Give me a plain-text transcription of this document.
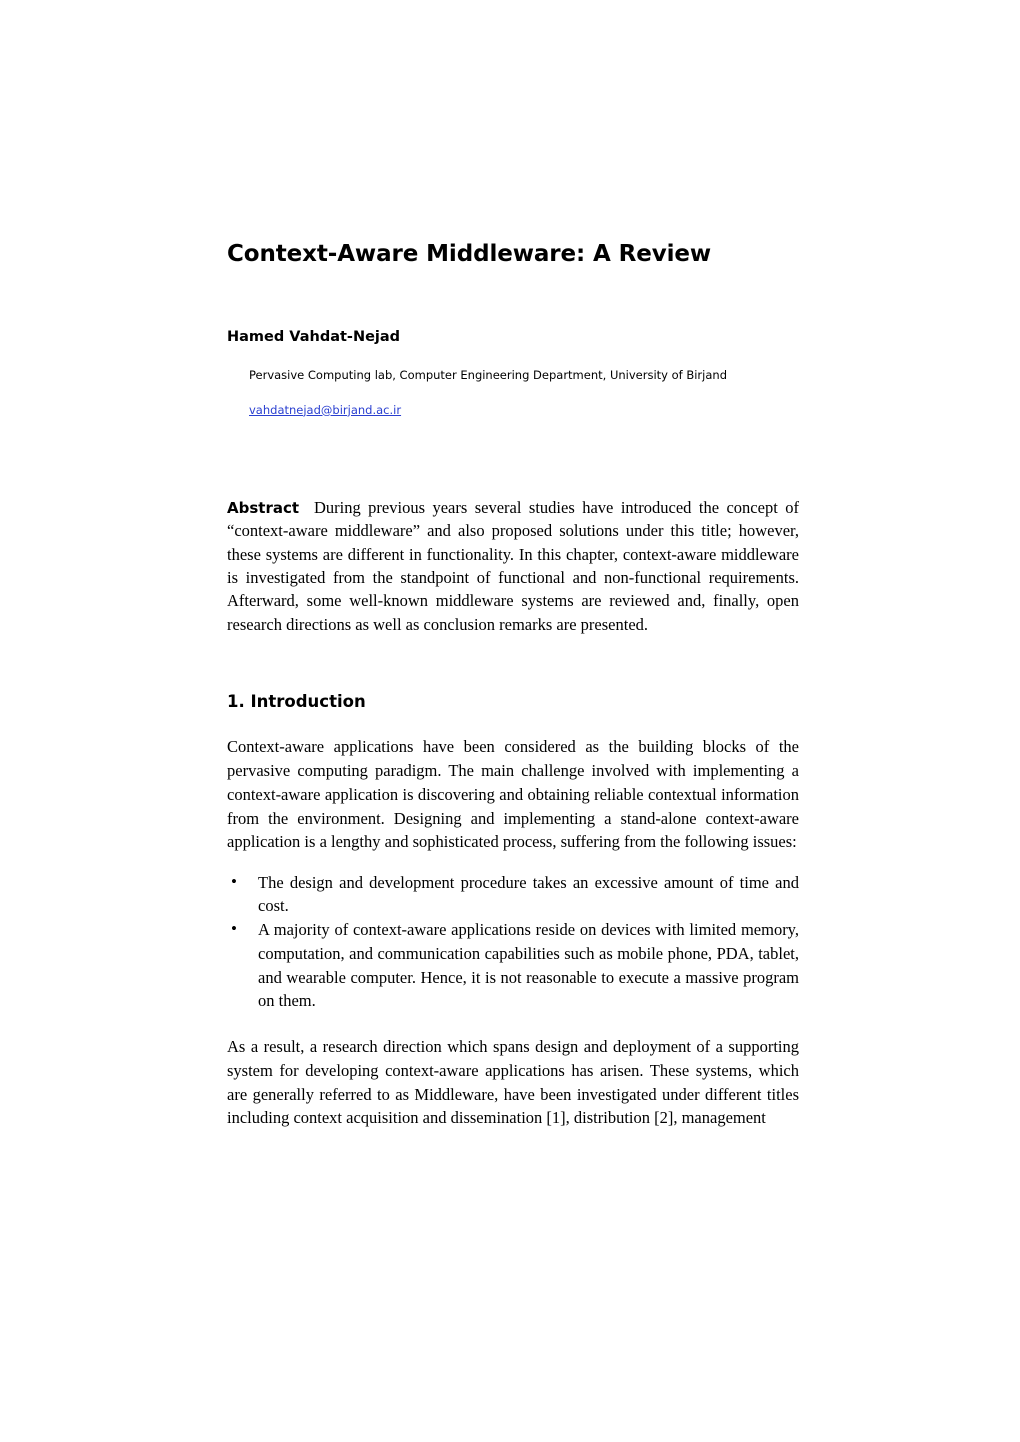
Context-Aware Middleware: A Review
Hamed Vahdat-Nejad
Pervasive Computing lab, Computer Engineering Department, University of Birjand
vahdatnejad@birjand.ac.ir

Abstract During previous years several studies have introduced the concept of “context-aware middleware” and also proposed solutions under this title; however, these systems are different in functionality. In this chapter, context-aware middleware is investigated from the standpoint of functional and non-functional requirements. Afterward, some well-known middleware systems are reviewed and, finally, open research directions as well as conclusion remarks are presented.

1. Introduction

Context-aware applications have been considered as the building blocks of the pervasive computing paradigm. The main challenge involved with implementing a context-aware application is discovering and obtaining reliable contextual information from the environment. Designing and implementing a stand-alone context-aware application is a lengthy and sophisticated process, suffering from the following issues:

• The design and development procedure takes an excessive amount of time and cost.
• A majority of context-aware applications reside on devices with limited memory, computation, and communication capabilities such as mobile phone, PDA, tablet, and wearable computer. Hence, it is not reasonable to execute a massive program on them.

As a result, a research direction which spans design and deployment of a supporting system for developing context-aware applications has arisen. These systems, which are generally referred to as Middleware, have been investigated under different titles including context acquisition and dissemination [1], distribution [2], management
